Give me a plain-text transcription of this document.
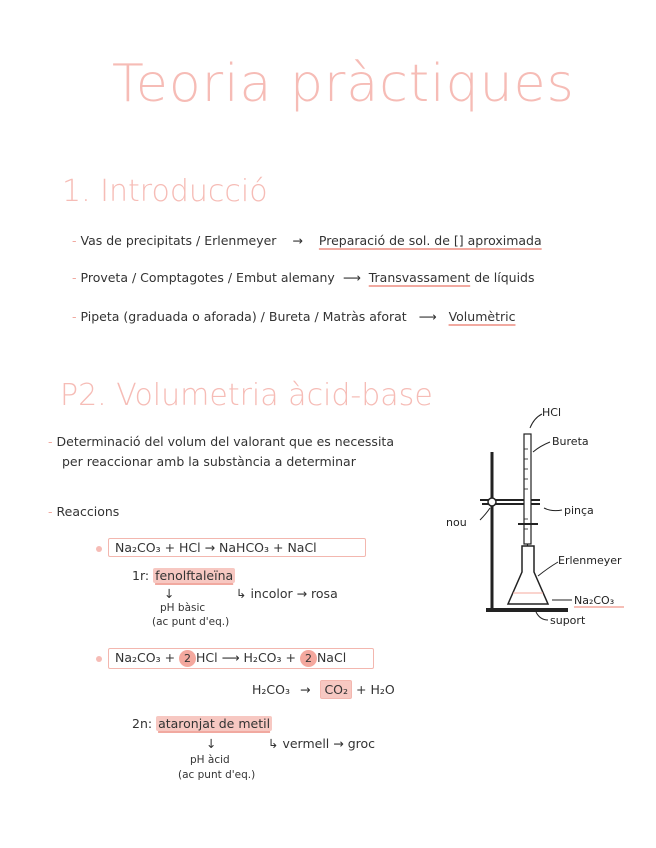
Teoria pràctiques
1. Introducció
- Vas de precipitats / Erlenmeyer → Preparació de sol. de [] aproximada
- Proveta / Comptagotes / Embut alemany ⟶ Transvassament de líquids
- Pipeta (graduada o aforada) / Bureta / Matràs aforat ⟶ Volumètric
P2. Volumetria àcid-base
- Determinació del volum del valorant que es necessita
per reaccionar amb la substància a determinar
- Reaccions
Na₂CO₃ + HCl → NaHCO₃ + NaCl
1r: fenolftaleïna
↳ incolor → rosa
↓
pH bàsic
(ac punt d'eq.)
Na₂CO₃ + 2 HCl ⟶ H₂CO₃ + 2 NaCl
H₂CO₃ → CO₂ + H₂O
2n: ataronjat de metil
↳ vermell → groc
↓
pH àcid
(ac punt d'eq.)
HCl
Bureta
pinça
nou
Erlenmeyer
Na₂CO₃
suport
